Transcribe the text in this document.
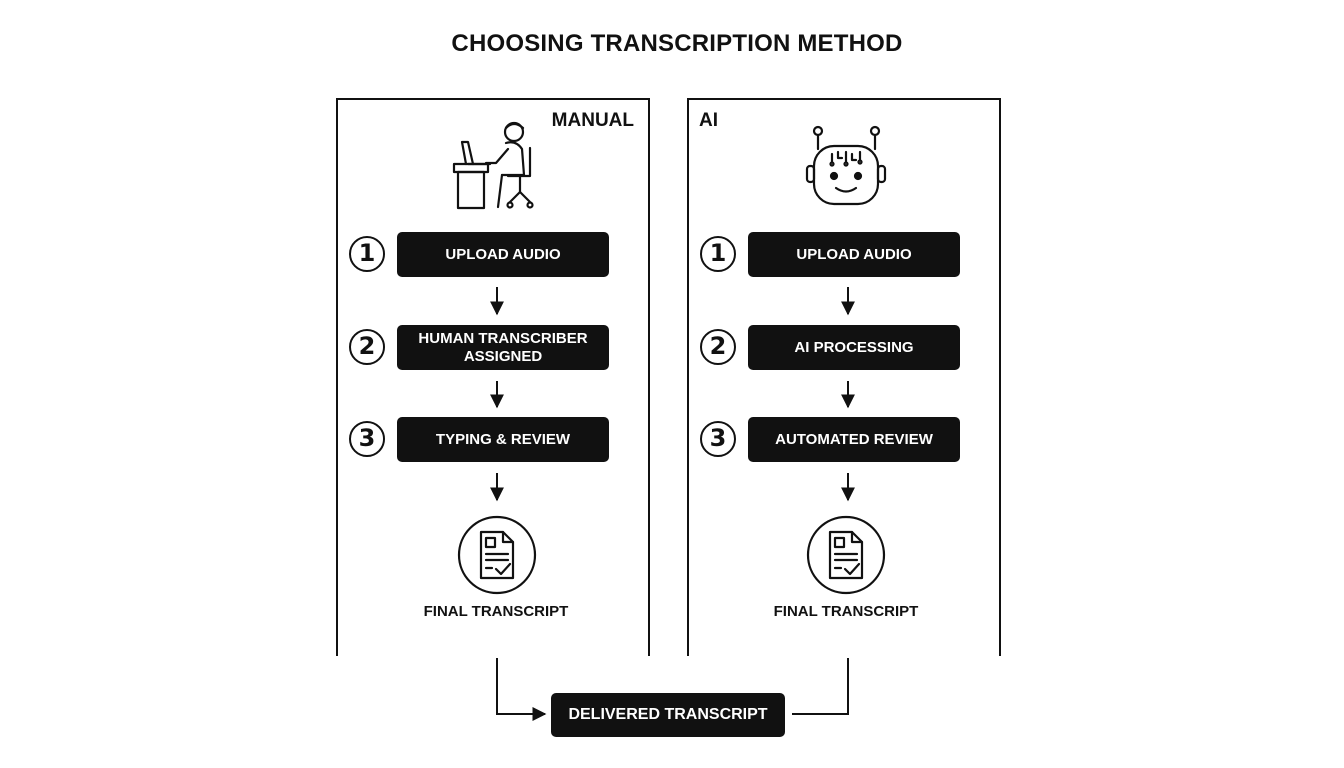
CHOOSING TRANSCRIPTION METHOD
MANUAL	AI
1	UPLOAD AUDIO
2	HUMAN TRANSCRIBER ASSIGNED
3	TYPING & REVIEW
1	UPLOAD AUDIO
2	AI PROCESSING
3	AUTOMATED REVIEW
FINAL TRANSCRIPT	FINAL TRANSCRIPT
DELIVERED TRANSCRIPT
